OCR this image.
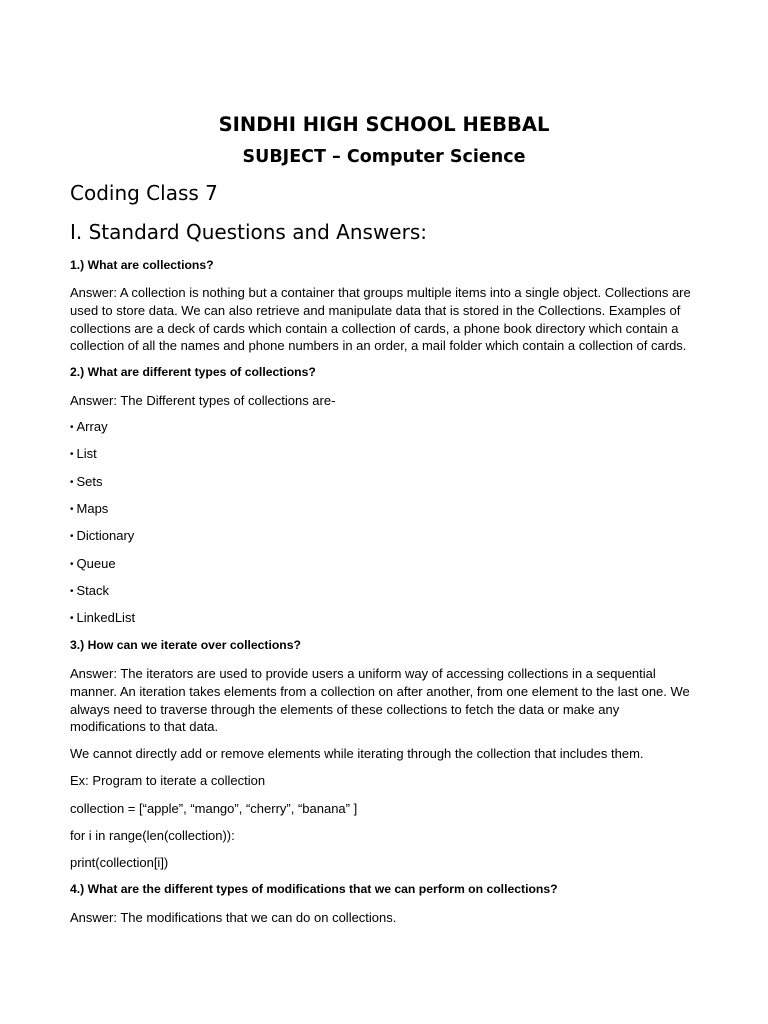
SINDHI HIGH SCHOOL HEBBAL
SUBJECT – Computer Science
Coding Class 7
I. Standard Questions and Answers:
1.) What are collections?
Answer: A collection is nothing but a container that groups multiple items into a single object. Collections are
used to store data. We can also retrieve and manipulate data that is stored in the Collections. Examples of
collections are a deck of cards which contain a collection of cards, a phone book directory which contain a
collection of all the names and phone numbers in an order, a mail folder which contain a collection of cards.
2.) What are different types of collections?
Answer: The Different types of collections are-
• Array
• List
• Sets
• Maps
• Dictionary
• Queue
• Stack
• LinkedList
3.) How can we iterate over collections?
Answer: The iterators are used to provide users a uniform way of accessing collections in a sequential
manner. An iteration takes elements from a collection on after another, from one element to the last one. We
always need to traverse through the elements of these collections to fetch the data or make any
modifications to that data.
We cannot directly add or remove elements while iterating through the collection that includes them.
Ex: Program to iterate a collection
collection = [“apple”, “mango”, “cherry”, “banana” ]
for i in range(len(collection)):
print(collection[i])
4.) What are the different types of modifications that we can perform on collections?
Answer: The modifications that we can do on collections.
